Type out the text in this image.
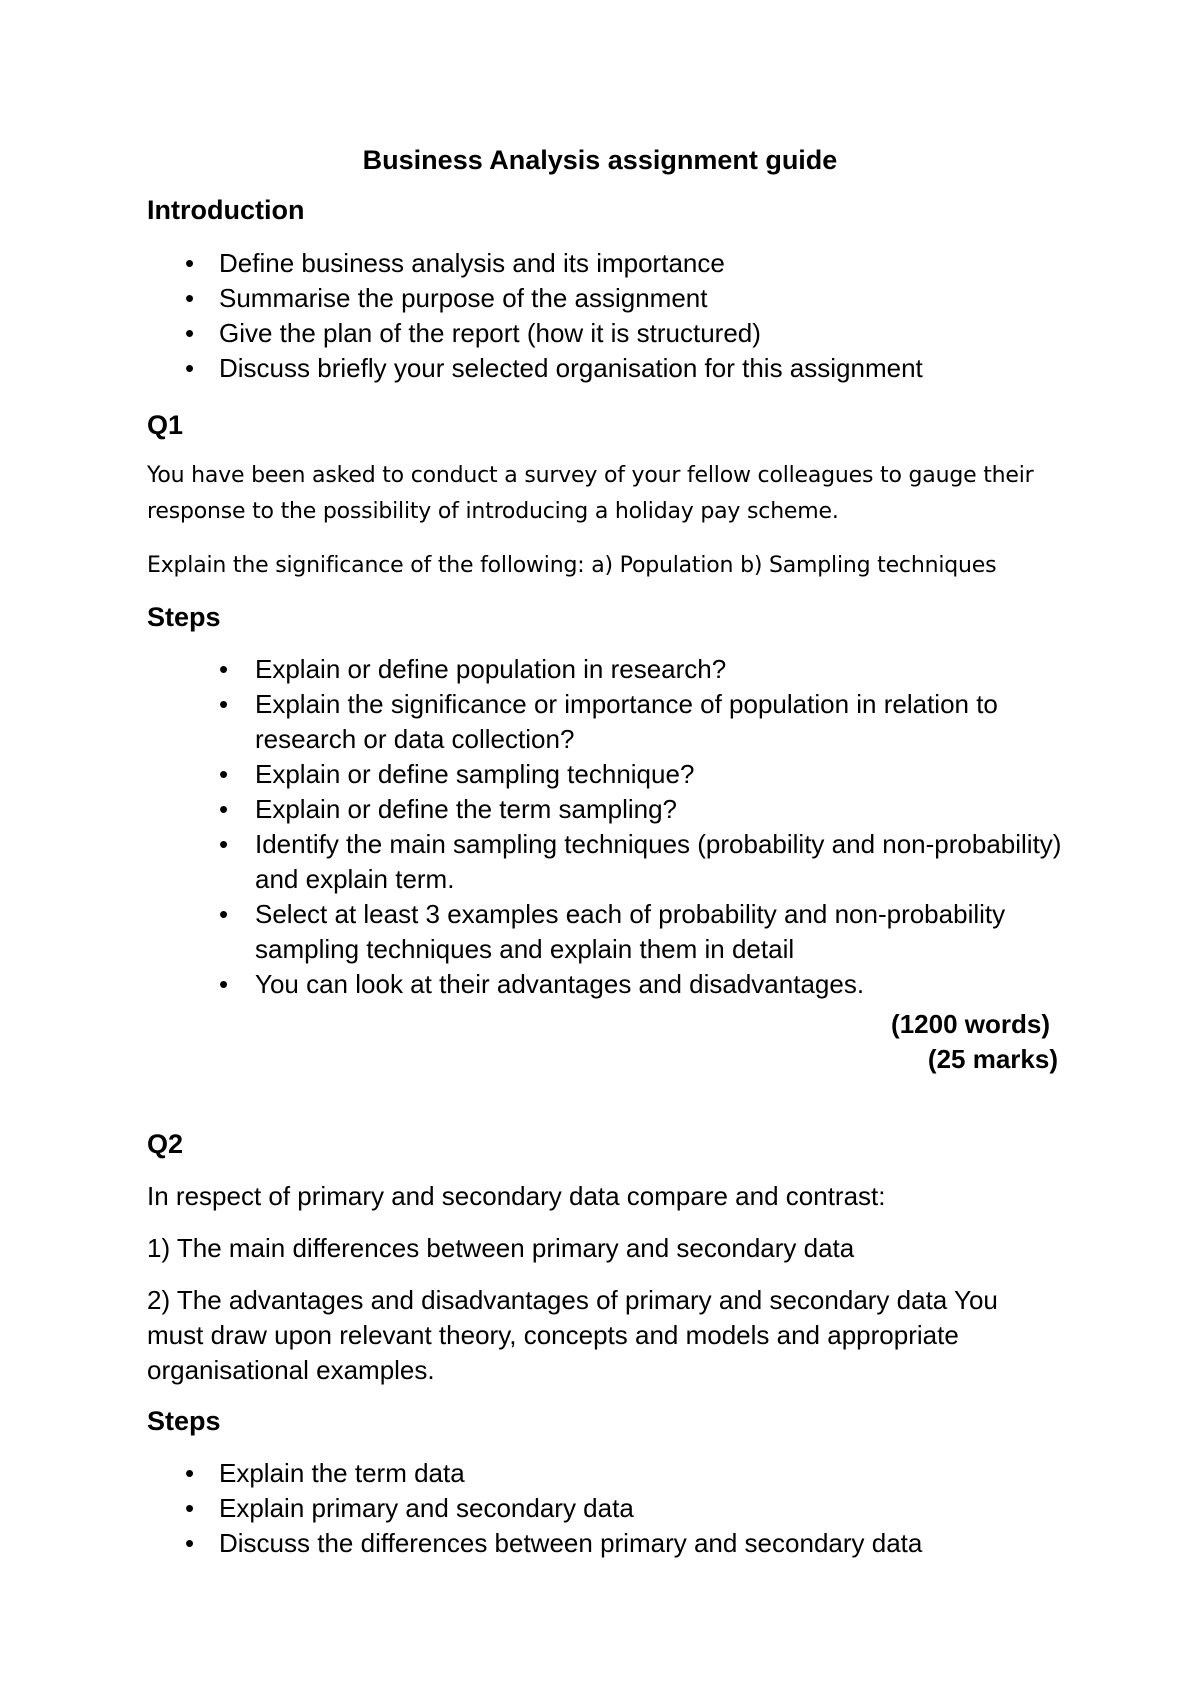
Business Analysis assignment guide
Introduction
• Define business analysis and its importance
• Summarise the purpose of the assignment
• Give the plan of the report (how it is structured)
• Discuss briefly your selected organisation for this assignment
Q1
You have been asked to conduct a survey of your fellow colleagues to gauge their response to the possibility of introducing a holiday pay scheme.
Explain the significance of the following: a) Population b) Sampling techniques
Steps
• Explain or define population in research?
• Explain the significance or importance of population in relation to research or data collection?
• Explain or define sampling technique?
• Explain or define the term sampling?
• Identify the main sampling techniques (probability and non-probability) and explain term.
• Select at least 3 examples each of probability and non-probability sampling techniques and explain them in detail
• You can look at their advantages and disadvantages.
(1200 words)
(25 marks)
Q2
In respect of primary and secondary data compare and contrast:
1) The main differences between primary and secondary data
2) The advantages and disadvantages of primary and secondary data You must draw upon relevant theory, concepts and models and appropriate organisational examples.
Steps
• Explain the term data
• Explain primary and secondary data
• Discuss the differences between primary and secondary data
